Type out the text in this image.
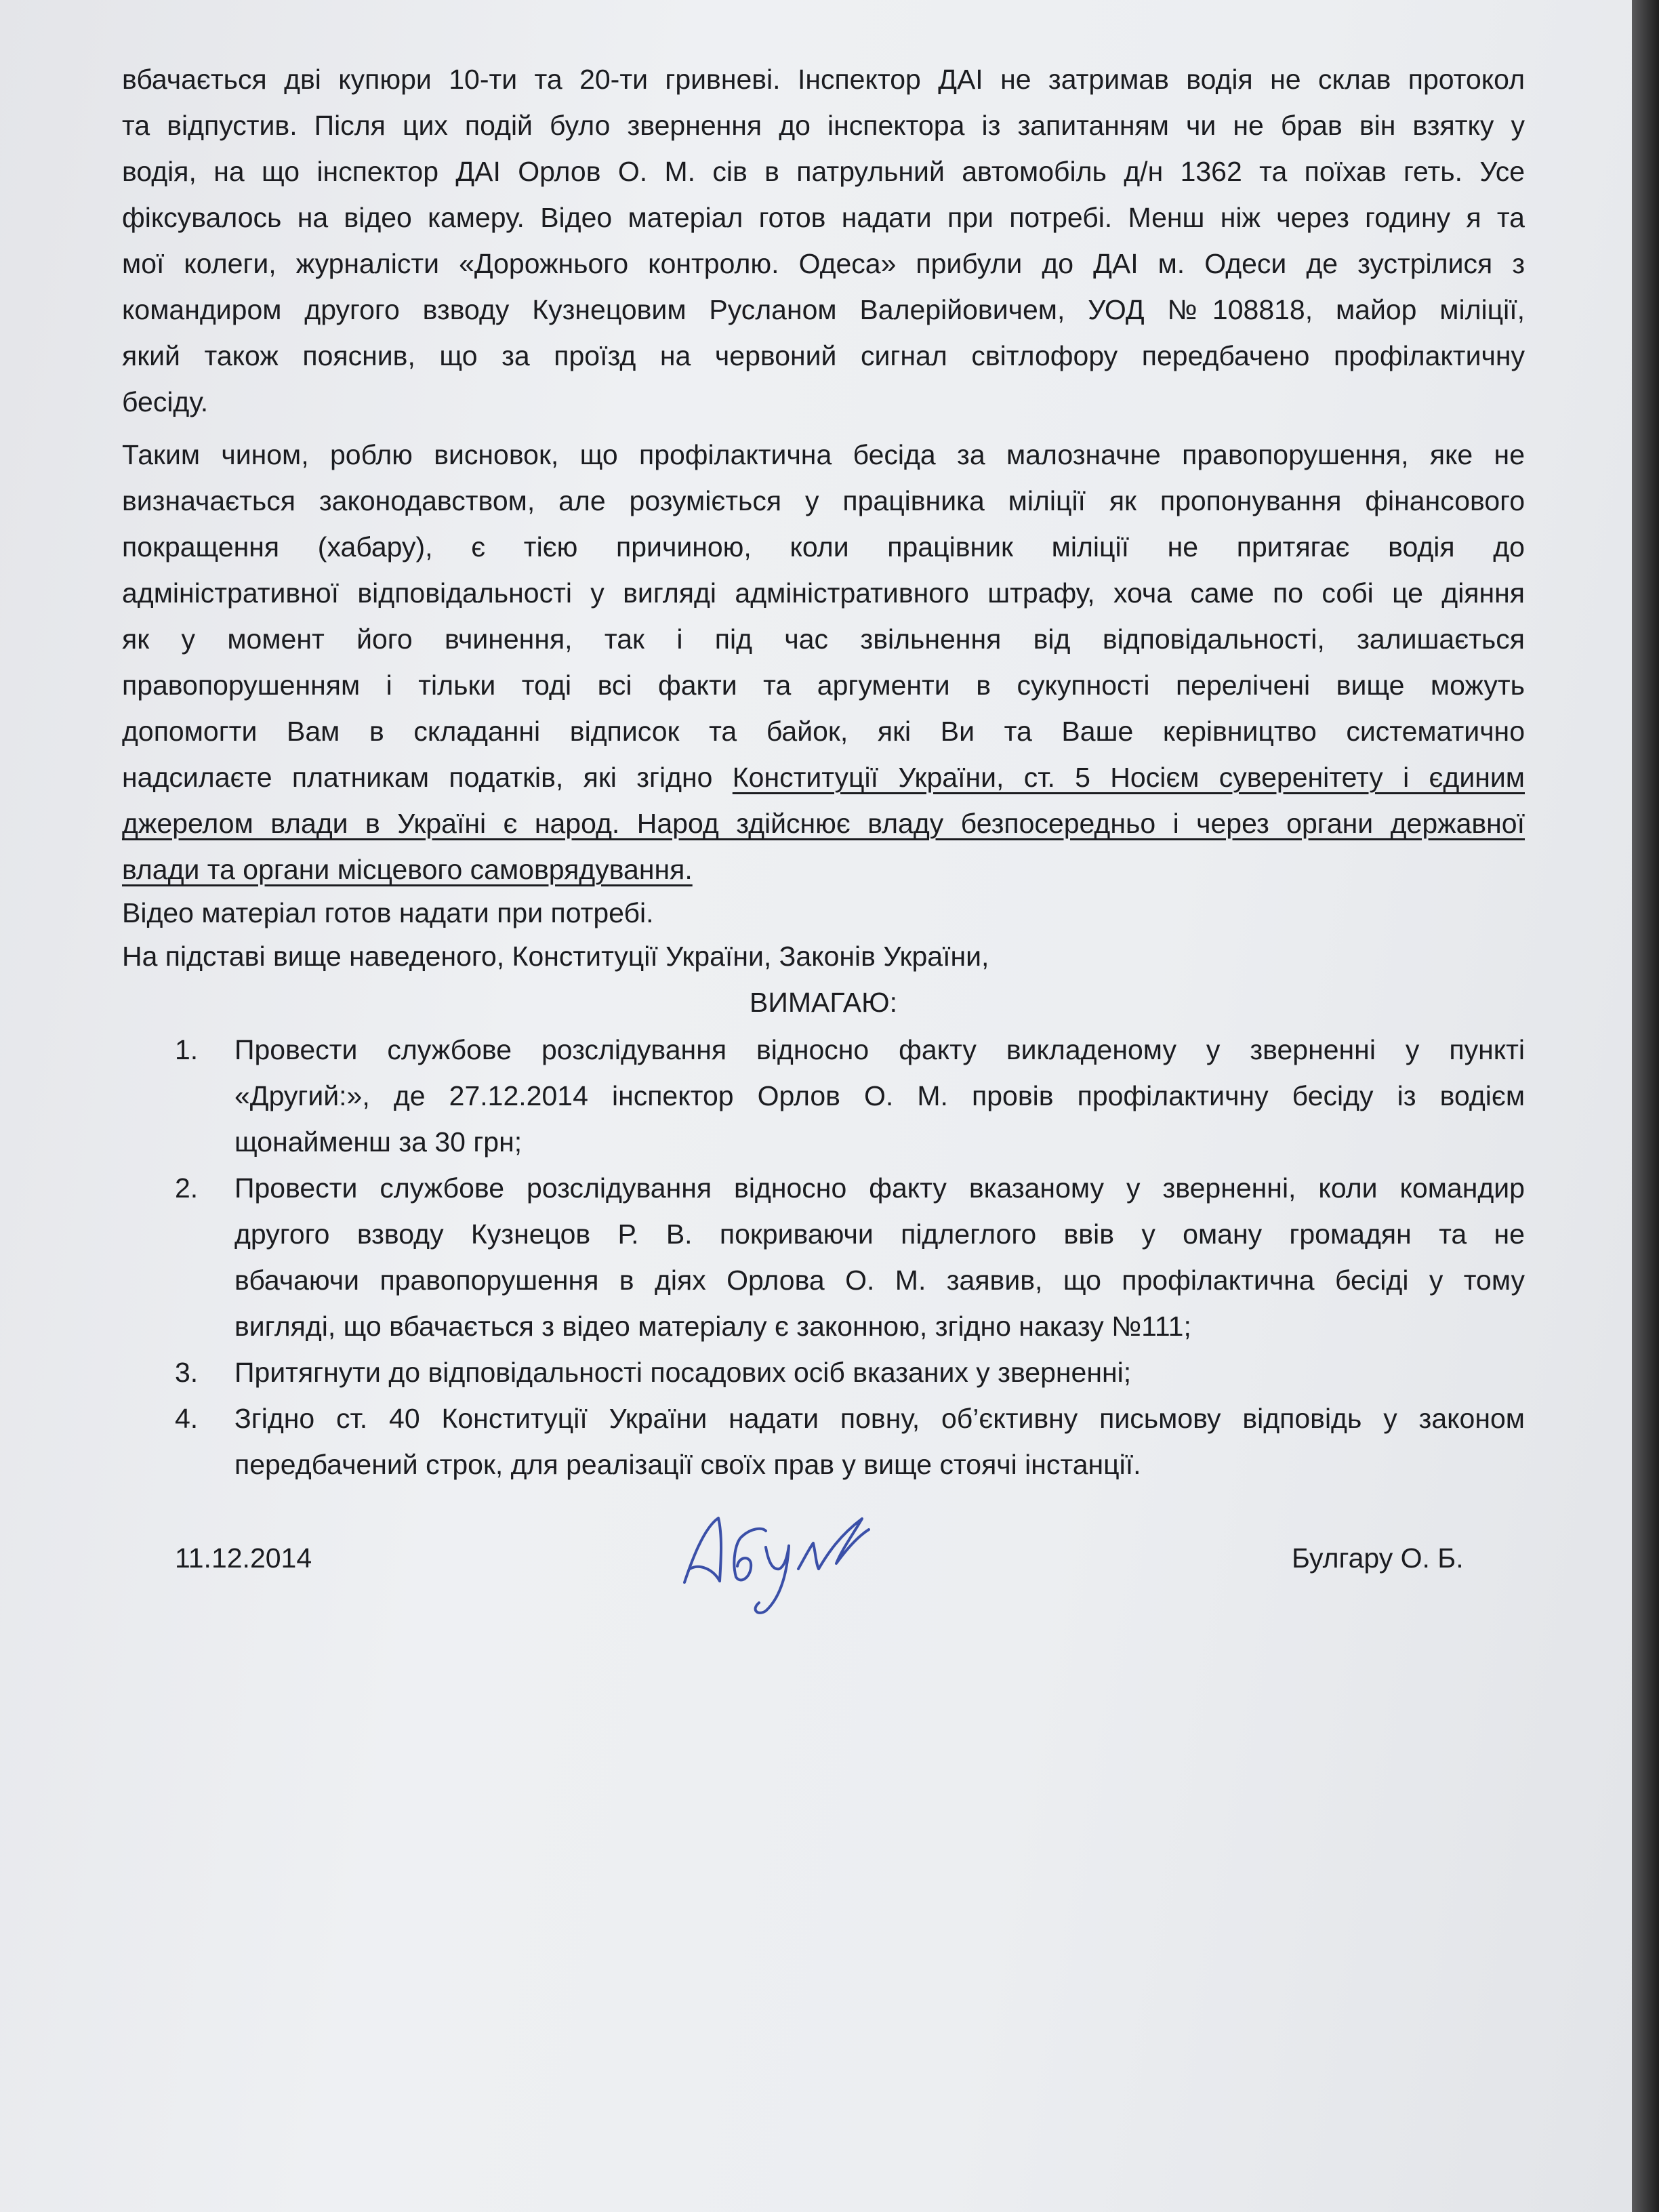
вбачається дві купюри 10-ти та 20-ти гривневі. Інспектор ДАІ не затримав водія не склав протокол
та відпустив. Після цих подій було звернення до інспектора із запитанням чи не брав він взятку у
водія, на що інспектор ДАІ Орлов О. М. сів в патрульний автомобіль д/н 1362 та поїхав геть. Усе
фіксувалось на відео камеру. Відео матеріал готов надати при потребі. Менш ніж через годину я та
мої колеги, журналісти «Дорожнього контролю. Одеса» прибули до ДАІ м. Одеси де зустрілися з
командиром другого взводу Кузнецовим Русланом Валерійовичем, УОД №108818, майор міліції,
який також пояснив, що за проїзд на червоний сигнал світлофору передбачено профілактичну
бесіду.
Таким чином, роблю висновок, що профілактична бесіда за малозначне правопорушення, яке не
визначається законодавством, але розуміється у працівника міліції як пропонування фінансового
покращення (хабару), є тією причиною, коли працівник міліції не притягає водія до
адміністративної відповідальності у вигляді адміністративного штрафу, хоча саме по собі це діяння
як у момент його вчинення, так і під час звільнення від відповідальності, залишається
правопорушенням і тільки тоді всі факти та аргументи в сукупності перелічені вище можуть
допомогти Вам в складанні відписок та байок, які Ви та Ваше керівництво систематично
надсилаєте платникам податків, які згідно Конституції України, ст. 5 Носієм суверенітету і єдиним
джерелом влади в Україні є народ. Народ здійснює владу безпосередньо і через органи державної
влади та органи місцевого самоврядування.
Відео матеріал готов надати при потребі.
На підставі вище наведеного, Конституції України, Законів України,
ВИМАГАЮ:
1.	Провести службове розслідування відносно факту викладеному у зверненні у пункті
«Другий:», де 27.12.2014 інспектор Орлов О. М. провів профілактичну бесіду із водієм
щонайменш за 30 грн;
2.	Провести службове розслідування відносно факту вказаному у зверненні, коли командир
другого взводу Кузнецов Р. В. покриваючи підлеглого ввів у оману громадян та не
вбачаючи правопорушення в діях Орлова О. М. заявив, що профілактична бесіді у тому
вигляді, що вбачається з відео матеріалу є законною, згідно наказу №111;
3.	Притягнути до відповідальності посадових осіб вказаних у зверненні;
4.	Згідно ст. 40 Конституції України надати повну, об’єктивну письмову відповідь у законом
передбачений строк, для реалізації своїх прав у вище стоячі інстанції.
11.12.2014	Булгару О. Б.
